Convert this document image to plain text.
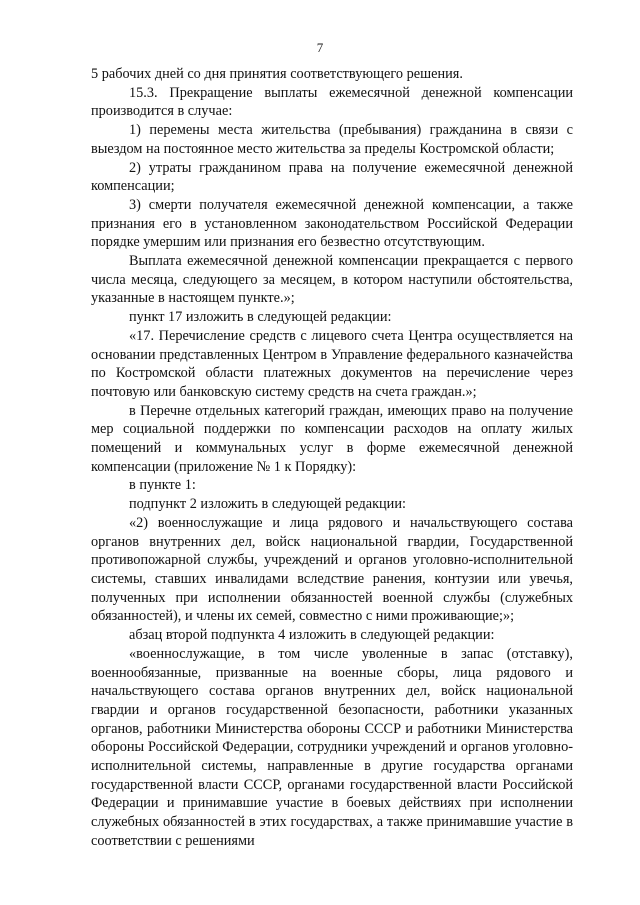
7

5 рабочих дней со дня принятия соответствующего решения.

15.3. Прекращение выплаты ежемесячной денежной компенсации производится в случае:

1) перемены места жительства (пребывания) гражданина в связи с выездом на постоянное место жительства за пределы Костромской области;

2) утраты гражданином права на получение ежемесячной денежной компенсации;

3) смерти получателя ежемесячной денежной компенсации, а также признания его в установленном законодательством Российской Федерации порядке умершим или признания его безвестно отсутствующим.

Выплата ежемесячной денежной компенсации прекращается с первого числа месяца, следующего за месяцем, в котором наступили обстоятельства, указанные в настоящем пункте.»;

пункт 17 изложить в следующей редакции:

«17. Перечисление средств с лицевого счета Центра осуществляется на основании представленных Центром в Управление федерального казначейства по Костромской области платежных документов на перечисление через почтовую или банковскую систему средств на счета граждан.»;

в Перечне отдельных категорий граждан, имеющих право на получение мер социальной поддержки по компенсации расходов на оплату жилых помещений и коммунальных услуг в форме ежемесячной денежной компенсации (приложение № 1 к Порядку):

в пункте 1:

подпункт 2 изложить в следующей редакции:

«2) военнослужащие и лица рядового и начальствующего состава органов внутренних дел, войск национальной гвардии, Государственной противопожарной службы, учреждений и органов уголовно-исполнительной системы, ставших инвалидами вследствие ранения, контузии или увечья, полученных при исполнении обязанностей военной службы (служебных обязанностей), и члены их семей, совместно с ними проживающие;»;

абзац второй подпункта 4 изложить в следующей редакции:

«военнослужащие, в том числе уволенные в запас (отставку), военнообязанные, призванные на военные сборы, лица рядового и начальствующего состава органов внутренних дел, войск национальной гвардии и органов государственной безопасности, работники указанных органов, работники Министерства обороны СССР и работники Министерства обороны Российской Федерации, сотрудники учреждений и органов уголовно-исполнительной системы, направленные в другие государства органами государственной власти СССР, органами государственной власти Российской Федерации и принимавшие участие в боевых действиях при исполнении служебных обязанностей в этих государствах, а также принимавшие участие в соответствии с решениями
